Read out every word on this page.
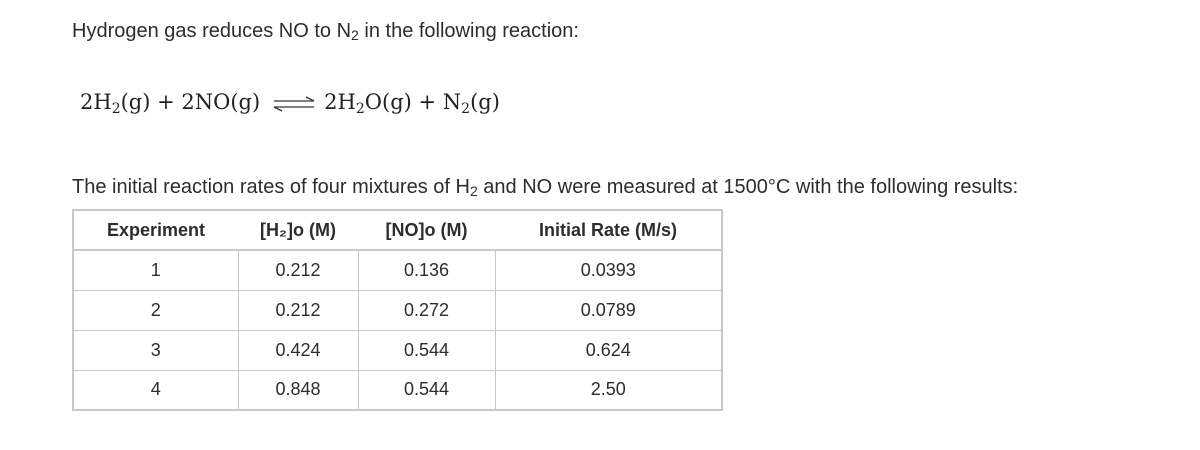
Hydrogen gas reduces NO to $N_2$ in the following reaction:
$2H_2(g) + 2NO(g)$ ⇌ $2H_2O(g) + N_2(g)$
The initial reaction rates of four mixtures of $H_2$ and NO were measured at 1500°C with the following results:
Experiment	[H₂]o (M)	[NO]o (M)	Initial Rate (M/s)
1	0.212	0.136	0.0393
2	0.212	0.272	0.0789
3	0.424	0.544	0.624
4	0.848	0.544	2.50
